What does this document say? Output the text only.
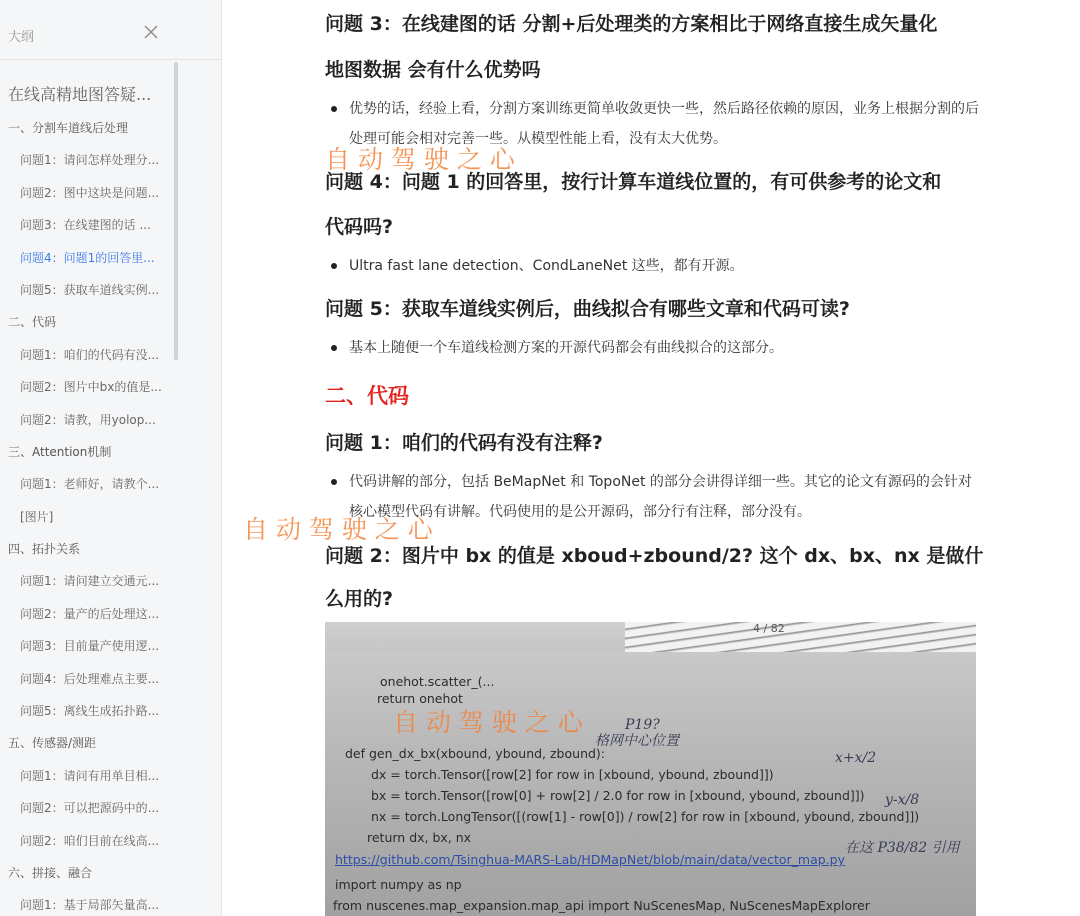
大纲
在线高精地图答疑...
一、分割车道线后处理
问题1：请问怎样处理分...
问题2：图中这块是问题...
问题3：在线建图的话 ...
问题4：问题1的回答里...
问题5：获取车道线实例...
二、代码
问题1：咱们的代码有没...
问题2：图片中bx的值是...
问题2：请教，用yolop...
三、Attention机制
问题1：老师好，请教个...
[图片]
四、拓扑关系
问题1：请问建立交通元...
问题2：量产的后处理这...
问题3：目前量产使用逻...
问题4：后处理难点主要...
问题5：离线生成拓扑路...
五、传感器/测距
问题1：请问有用单目相...
问题2：可以把源码中的...
问题2：咱们目前在线高...
六、拼接、融合
问题1：基于局部矢量高...
问题 3：在线建图的话 分割+后处理类的方案相比于网络直接生成矢量化
地图数据 会有什么优势吗
优势的话，经验上看，分割方案训练更简单收敛更快一些，然后路径依赖的原因，业务上根据分割的后处理可能会相对完善一些。从模型性能上看，没有太大优势。
问题 4：问题 1 的回答里，按行计算车道线位置的，有可供参考的论文和
代码吗?
Ultra fast lane detection、CondLaneNet 这些，都有开源。
问题 5：获取车道线实例后，曲线拟合有哪些文章和代码可读?
基本上随便一个车道线检测方案的开源代码都会有曲线拟合的这部分。
二、代码
问题 1：咱们的代码有没有注释?
代码讲解的部分，包括 BeMapNet 和 TopoNet 的部分会讲得详细一些。其它的论文有源码的会针对核心模型代码有讲解。代码使用的是公开源码，部分行有注释，部分没有。
问题 2：图片中 bx 的值是 xboud+zbound/2? 这个 dx、bx、nx 是做什
么用的?
4 / 82
onehot.scatter_(...
return onehot
def gen_dx_bx(xbound, ybound, zbound):
dx = torch.Tensor([row[2] for row in [xbound, ybound, zbound]])
bx = torch.Tensor([row[0] + row[2] / 2.0 for row in [xbound, ybound, zbound]])
nx = torch.LongTensor([(row[1] - row[0]) / row[2] for row in [xbound, ybound, zbound]])
return dx, bx, nx
https://github.com/Tsinghua-MARS-Lab/HDMapNet/blob/main/data/vector_map.py
import numpy as np
from nuscenes.map_expansion.map_api import NuScenesMap, NuScenesMapExplorer
P19?
格网中心位置
x+x/2
y-x/8
在这 P38/82 引用
自 动 驾 驶 之 心
自 动 驾 驶 之 心
自 动 驾 驶 之 心
